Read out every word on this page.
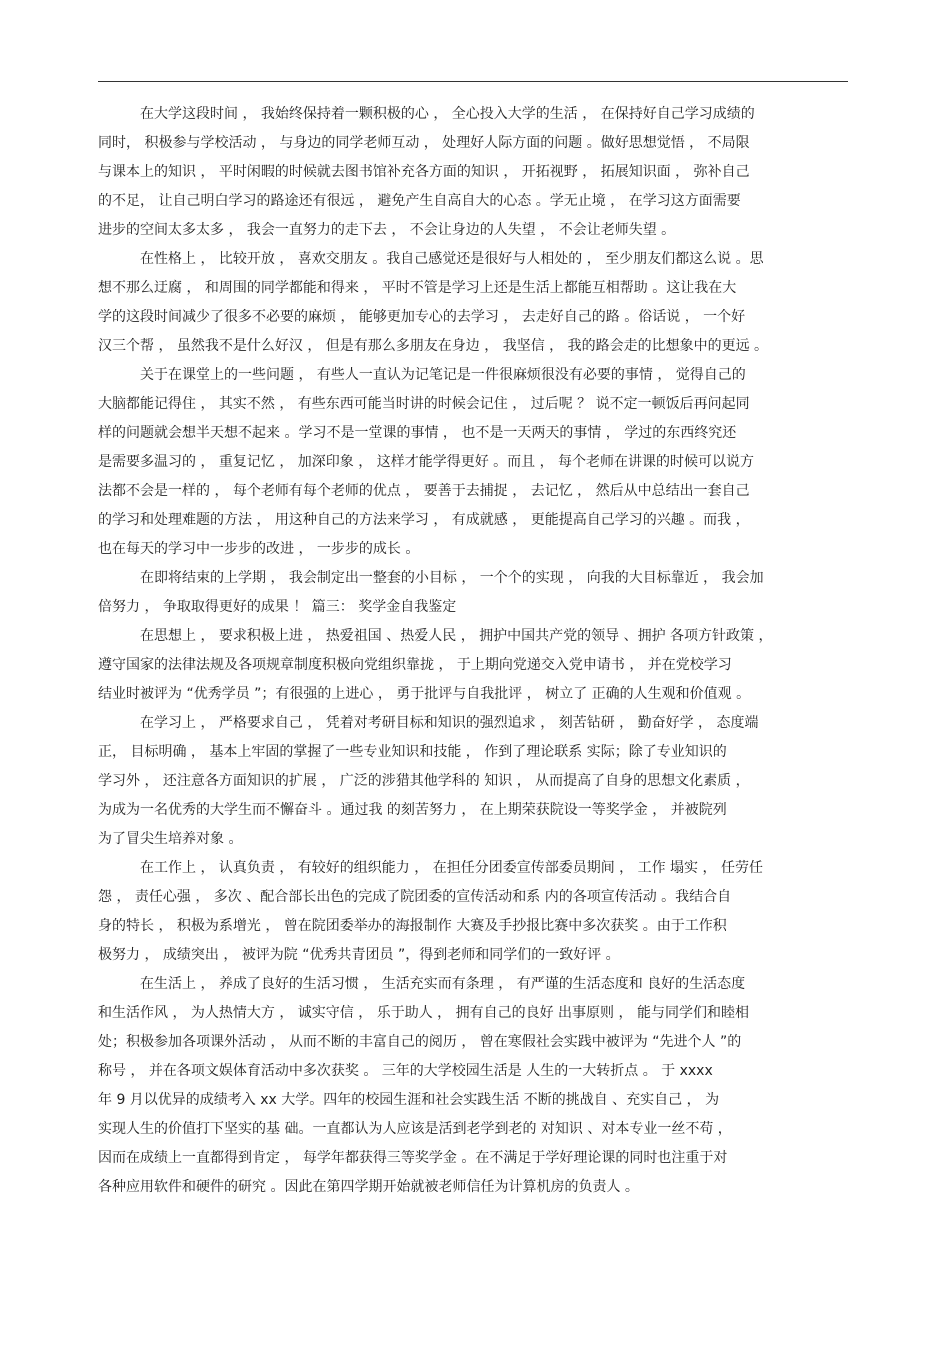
在大学这段时间 ， 我始终保持着一颗积极的心 ， 全心投入大学的生活 ， 在保持好自己学习成绩的
同时， 积极参与学校活动 ， 与身边的同学老师互动 ， 处理好人际方面的问题 。做好思想觉悟 ， 不局限
与课本上的知识 ， 平时闲暇的时候就去图书馆补充各方面的知识 ， 开拓视野 ， 拓展知识面 ， 弥补自己
的不足， 让自己明白学习的路途还有很远 ， 避免产生自高自大的心态 。学无止境 ， 在学习这方面需要
进步的空间太多太多 ， 我会一直努力的走下去 ， 不会让身边的人失望 ， 不会让老师失望 。
在性格上 ， 比较开放 ， 喜欢交朋友 。我自己感觉还是很好与人相处的 ， 至少朋友们都这么说 。思
想不那么迂腐 ， 和周围的同学都能和得来 ， 平时不管是学习上还是生活上都能互相帮助 。这让我在大
学的这段时间减少了很多不必要的麻烦 ， 能够更加专心的去学习 ， 去走好自己的路 。俗话说 ， 一个好
汉三个帮 ， 虽然我不是什么好汉 ， 但是有那么多朋友在身边 ， 我坚信 ， 我的路会走的比想象中的更远 。
关于在课堂上的一些问题 ， 有些人一直认为记笔记是一件很麻烦很没有必要的事情 ， 觉得自己的
大脑都能记得住 ， 其实不然 ， 有些东西可能当时讲的时候会记住 ， 过后呢 ？ 说不定一顿饭后再问起同
样的问题就会想半天想不起来 。学习不是一堂课的事情 ， 也不是一天两天的事情 ， 学过的东西终究还
是需要多温习的 ， 重复记忆 ， 加深印象 ， 这样才能学得更好 。而且 ， 每个老师在讲课的时候可以说方
法都不会是一样的 ， 每个老师有每个老师的优点 ， 要善于去捕捉 ， 去记忆 ， 然后从中总结出一套自己
的学习和处理难题的方法 ， 用这种自己的方法来学习 ， 有成就感 ， 更能提高自己学习的兴趣 。而我 ，
也在每天的学习中一步步的改进 ， 一步步的成长 。
在即将结束的上学期 ， 我会制定出一整套的小目标 ， 一个个的实现 ， 向我的大目标靠近 ， 我会加
倍努力 ， 争取取得更好的成果 ！ 篇三： 奖学金自我鉴定
在思想上 ， 要求积极上进 ， 热爱祖国 、热爱人民 ， 拥护中国共产党的领导 、拥护 各项方针政策 ，
遵守国家的法律法规及各项规章制度积极向党组织靠拢 ， 于上期向党递交入党申请书 ， 并在党校学习
结业时被评为 “优秀学员 ”；有很强的上进心 ， 勇于批评与自我批评 ， 树立了 正确的人生观和价值观 。
在学习上 ， 严格要求自己 ， 凭着对考研目标和知识的强烈追求 ， 刻苦钻研 ， 勤奋好学 ， 态度端
正， 目标明确 ， 基本上牢固的掌握了一些专业知识和技能 ， 作到了理论联系 实际；除了专业知识的
学习外 ， 还注意各方面知识的扩展 ， 广泛的涉猎其他学科的 知识 ， 从而提高了自身的思想文化素质 ，
为成为一名优秀的大学生而不懈奋斗 。通过我 的刻苦努力 ， 在上期荣获院设一等奖学金 ， 并被院列
为了冒尖生培养对象 。
在工作上 ， 认真负责 ， 有较好的组织能力 ， 在担任分团委宣传部委员期间 ， 工作 塌实 ， 任劳任
怨 ， 责任心强 ， 多次 、配合部长出色的完成了院团委的宣传活动和系 内的各项宣传活动 。我结合自
身的特长 ， 积极为系增光 ， 曾在院团委举办的海报制作 大赛及手抄报比赛中多次获奖 。由于工作积
极努力 ， 成绩突出 ， 被评为院 “优秀共青团员 ”，得到老师和同学们的一致好评 。
在生活上 ， 养成了良好的生活习惯 ， 生活充实而有条理 ， 有严谨的生活态度和 良好的生活态度
和生活作风 ， 为人热情大方 ， 诚实守信 ， 乐于助人 ， 拥有自己的良好 出事原则 ， 能与同学们和睦相
处；积极参加各项课外活动 ， 从而不断的丰富自己的阅历 ， 曾在寒假社会实践中被评为 “先进个人 ”的
称号 ， 并在各项文娱体育活动中多次获奖 。 三年的大学校园生活是 人生的一大转折点 。 于 xxxx
年 9 月以优异的成绩考入 xx 大学。四年的校园生涯和社会实践生活 不断的挑战自 、充实自己 ， 为
实现人生的价值打下坚实的基 础。一直都认为人应该是活到老学到老的 对知识 、对本专业一丝不苟 ，
因而在成绩上一直都得到肯定 ， 每学年都获得三等奖学金 。在不满足于学好理论课的同时也注重于对
各种应用软件和硬件的研究 。因此在第四学期开始就被老师信任为计算机房的负责人 。
